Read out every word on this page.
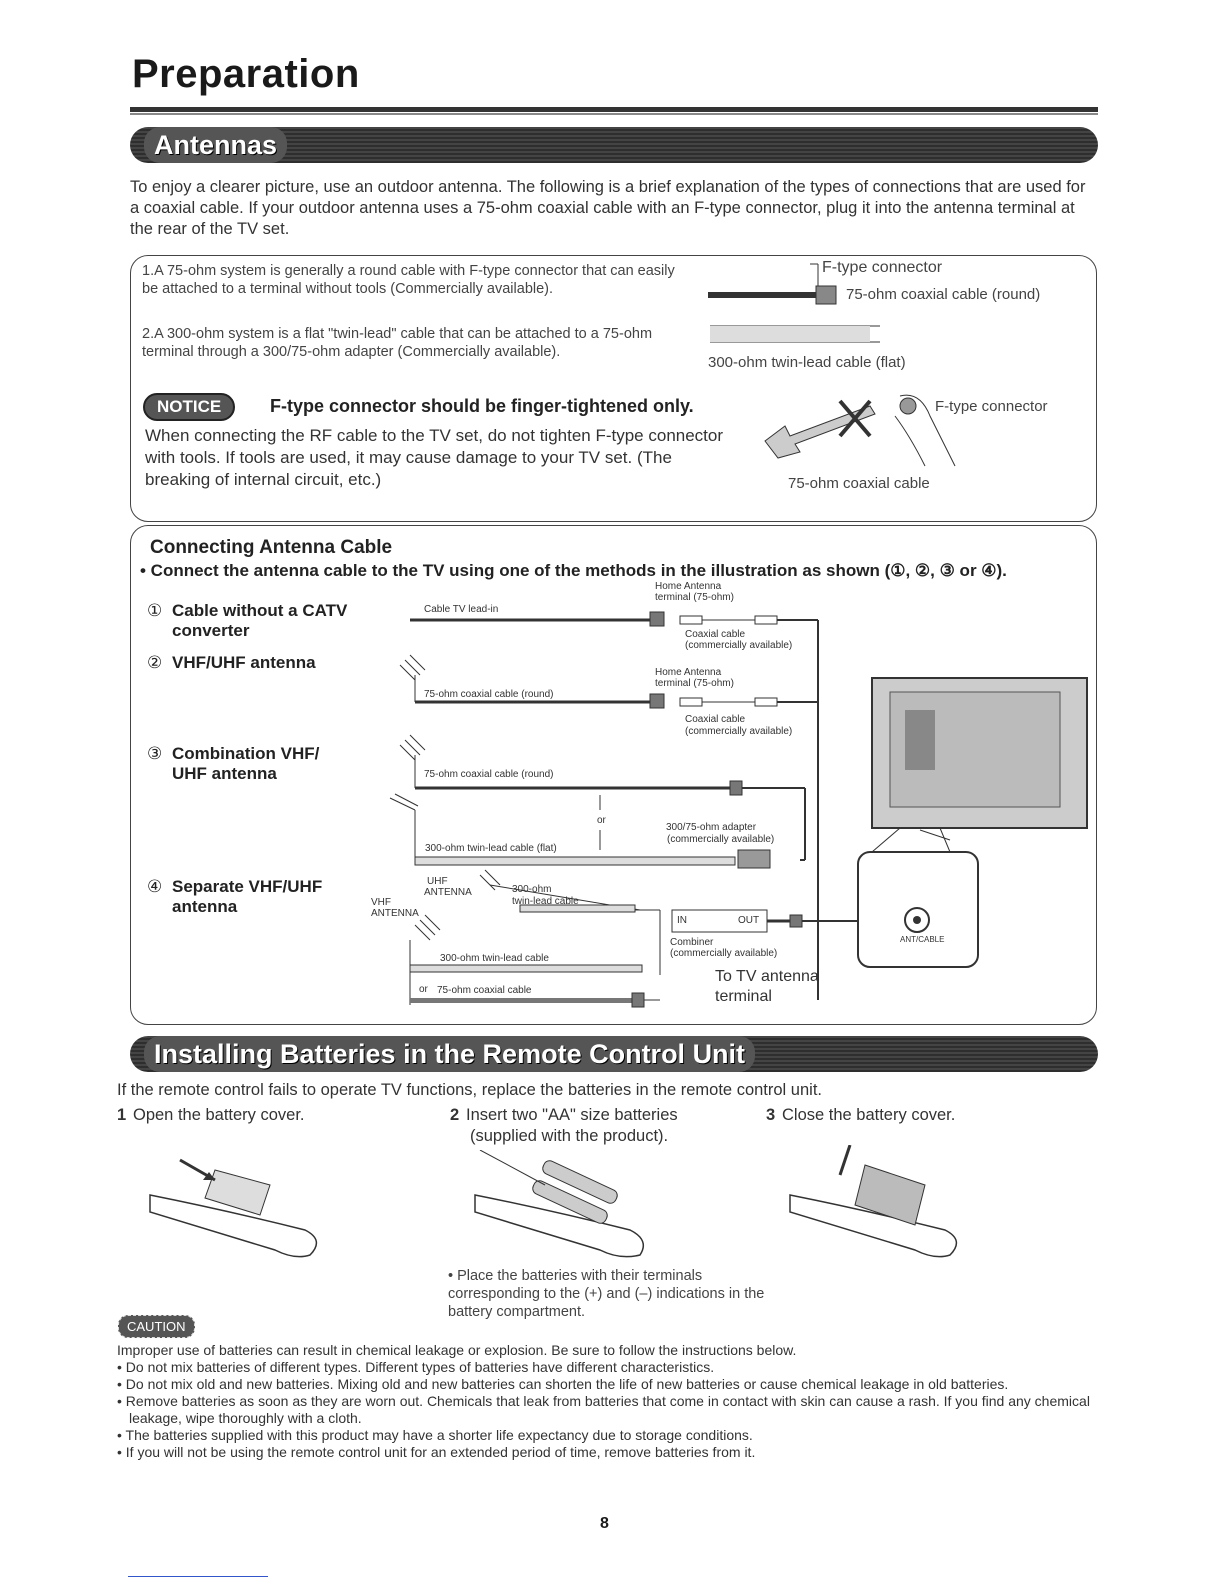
Preparation
Antennas
To enjoy a clearer picture, use an outdoor antenna. The following is a brief explanation of the types of connections that are used for a coaxial cable. If your outdoor antenna uses a 75-ohm coaxial cable with an F-type connector, plug it into the antenna terminal at the rear of the TV set.
1.A 75-ohm system is generally a round cable with F-type connector that can easily be attached to a terminal without tools (Commercially available).
2.A 300-ohm system is a flat "twin-lead" cable that can be attached to a 75-ohm terminal through a 300/75-ohm adapter (Commercially available).
F-type connector
75-ohm coaxial cable (round)
300-ohm twin-lead cable (flat)
NOTICE	F-type connector should be finger-tightened only.
When connecting the RF cable to the TV set, do not tighten F-type connector with tools. If tools are used, it may cause damage to your TV set. (The breaking of internal circuit, etc.)
F-type connector
75-ohm coaxial cable
Connecting Antenna Cable
• Connect the antenna cable to the TV using one of the methods in the illustration as shown (①, ②, ③ or ④).
① Cable without a CATV
converter
② VHF/UHF antenna
③ Combination VHF/
UHF antenna
④ Separate VHF/UHF
antenna
Cable TV lead-in
Home Antenna
terminal (75-ohm)
Coaxial cable
(commercially available)
75-ohm coaxial cable (round)
Home Antenna
terminal (75-ohm)
Coaxial cable
(commercially available)
75-ohm coaxial cable (round)
or
300/75-ohm adapter
(commercially available)
300-ohm twin-lead cable (flat)
UHF
ANTENNA
VHF
ANTENNA
300-ohm
twin-lead cable
IN	OUT
Combiner
(commercially available)
300-ohm twin-lead cable
or 75-ohm coaxial cable
To TV antenna
terminal
ANT/CABLE
Installing Batteries in the Remote Control Unit
If the remote control fails to operate TV functions, replace the batteries in the remote control unit.
1 Open the battery cover.	2 Insert two "AA" size batteries
(supplied with the product).
3 Close the battery cover.
• Place the batteries with their terminals corresponding to the (+) and (–) indications in the battery compartment.
CAUTION
Improper use of batteries can result in chemical leakage or explosion. Be sure to follow the instructions below.
• Do not mix batteries of different types. Different types of batteries have different characteristics.
• Do not mix old and new batteries. Mixing old and new batteries can shorten the life of new batteries or cause chemical leakage in old batteries.
• Remove batteries as soon as they are worn out. Chemicals that leak from batteries that come in contact with skin can cause a rash. If you find any chemical leakage, wipe thoroughly with a cloth.
• The batteries supplied with this product may have a shorter life expectancy due to storage conditions.
• If you will not be using the remote control unit for an extended period of time, remove batteries from it.
8
